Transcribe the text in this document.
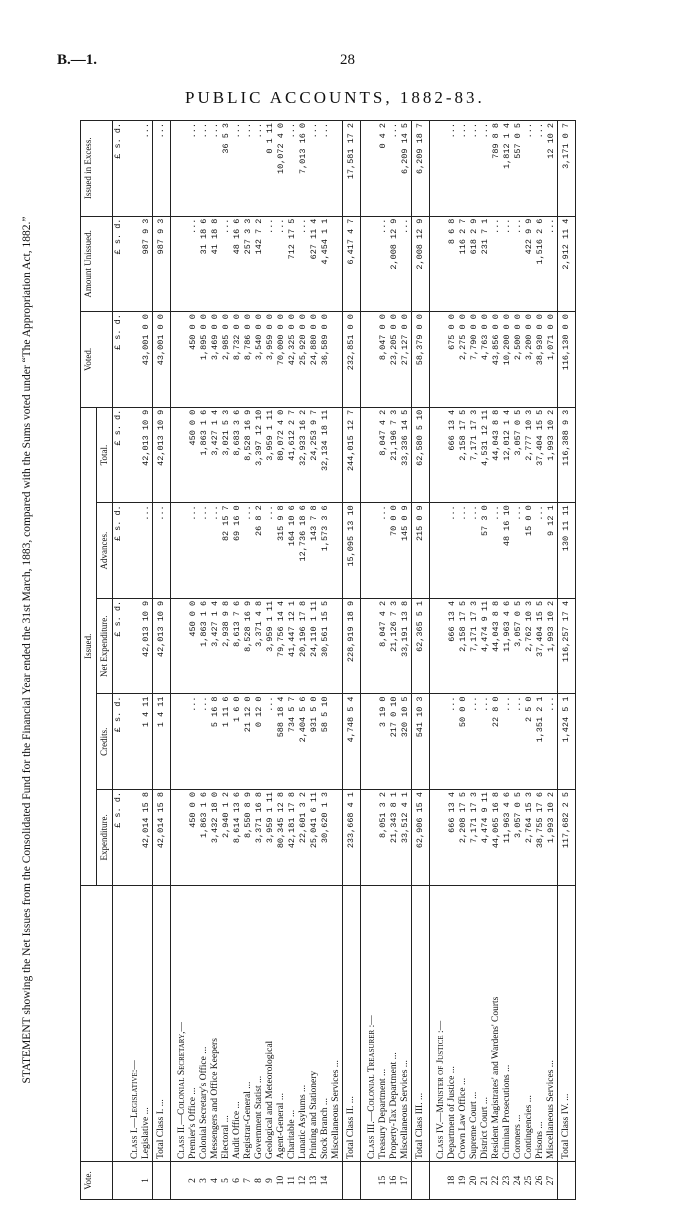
B.—1.	28
PUBLIC ACCOUNTS, 1882-83.
STATEMENT showing the Net Issues from the Consolidated Fund for the Financial Year ended the 31st March, 1883, compared with the Sums voted under “The Appropriation Act, 1882.”
Vote.		Issued.					Voted.	Amount Unissued.	Issued in Excess.
		Expenditure.	Credits.	Net Expenditure.	Advances.	Total.			
		£ s. d.	£ s. d.	£ s. d.	£ s. d.	£ s. d.	£ s. d.	£ s. d.	£ s. d.
	Class I.—Legislative:—								
1	Legislative ...	42,014 15 8	1 4 11	42,013 10 9	...	42,013 10 9	43,001 0 0	987 9 3	...
	Total Class I. ...	42,014 15 8	1 4 11	42,013 10 9	...	42,013 10 9	43,001 0 0	987 9 3	...
	Class II.—Colonial Secretary,—								
2	Premier's Office ...	450 0 0	...	450 0 0	...	450 0 0	450 0 0	...	...
3	Colonial Secretary's Office ...	1,863 1 6	...	1,863 1 6	...	1,863 1 6	1,895 0 0	31 18 6	...
4	Messengers and Office Keepers	3,432 18 0	5 16 8	3,427 1 4	...	3,427 1 4	3,469 0 0	41 18 8	...
5	Electoral ...	2,940 1 2	1 11 6	2,938 9 8	82 15 7	3,021 5 3	2,985 0 0	...	36 5 3
6	Audit Office ...	8,614 13 6	1 6 0	8,613 7 6	69 16 0	8,683 3 6	8,732 0 0	48 16 6	...
7	Registrar-General ...	8,550 8 9	21 12 0	8,528 16 9	...	8,528 16 9	8,786 0 0	257 3 3	...
8	Government Statist ...	3,371 16 8	0 12 0	3,371 4 8	26 8 2	3,397 12 10	3,540 0 0	142 7 2	...
9	Geological and Meteorological	3,959 1 11	...	3,959 1 11	...	3,959 1 11	3,959 0 0	...	0 1 11
10	Agent-General ...	80,345 12 8	588 18 4	79,756 14 4	315 9 8	80,072 4 0	70,000 0 0	...	10,072 4 0
11	Charitable ...	42,181 17 8	734 5 7	41,447 12 1	164 10 6	41,612 2 7	42,325 0 0	712 17 5	...
12	Lunatic Asylums ...	22,601 3 2	2,404 5 6	20,196 17 8	12,736 18 6	32,933 16 2	25,920 0 0	...	7,013 16 0
13	Printing and Stationery	25,041 6 11	931 5 0	24,110 1 11	143 7 8	24,253 9 7	24,880 0 0	627 11 4	...
14	Stock Branch ...	30,620 1 3	58 5 10	30,561 15 5	1,573 3 6	32,134 18 11	36,589 0 0	4,454 1 1	...
	Miscellaneous Services ...								
	Total Class II. ...	233,668 4 1	4,748 5 4	228,919 18 9	15,095 13 10	244,015 12 7	232,851 0 0	6,417 4 7	17,581 17 2
	Class III.—Colonial Treasurer :—								
15	Treasury Department ...	8,051 3 2	3 19 0	8,047 4 2	...	8,047 4 2	8,047 0 0	...	0 4 2
16	Property-Tax Department ...	21,343 8 1	217 0 10	21,126 7 3	70 0 0	21,196 7 3	23,205 0 0	2,008 12 9	...
17	Miscellaneous Services ...	33,512 4 1	320 10 5	33,191 13 8	145 0 9	33,336 14 5	27,127 0 0	...	6,209 14 5
	Total Class III. ...	62,906 15 4	541 10 3	62,365 5 1	215 0 9	62,580 5 10	58,379 0 0	2,008 12 9	6,209 18 7
	Class IV.—Minister of Justice :—								
18	Department of Justice ...	666 13 4	...	666 13 4	...	666 13 4	675 0 0	8 6 8	...
19	Crown Law Office ...	2,208 17 5	50 0 0	2,158 17 5	...	2,158 17 5	2,275 0 0	116 2 7	...
20	Supreme Court ...	7,171 17 3	...	7,171 17 3	...	7,171 17 3	7,790 0 0	618 2 9	...
21	District Court ...	4,474 9 11	...	4,474 9 11	57 3 0	4,531 12 11	4,763 0 0	231 7 1	...
22	Resident Magistrates' and Wardens' Courts	44,065 16 8	22 8 0	44,043 8 8	...	44,043 8 8	43,856 0 0	...	789 8 8
23	Criminal Prosecutions ...	11,963 4 6	...	11,963 4 6	48 16 10	12,012 1 4	10,200 0 0	...	1,812 1 4
24	Coroners ...	3,057 0 5	...	3,057 0 5	...	3,057 0 5	2,500 0 0	...	557 0 5
25	Contingencies ...	2,764 15 3	2 5 0	2,762 10 3	15 0 0	2,777 10 3	3,200 0 0	422 9 9	...
26	Prisons ...	38,755 17 6	1,351 2 1	37,404 15 5	...	37,404 15 5	38,930 0 0	1,516 2 6	...
27	Miscellaneous Services ...	1,993 10 2	...	1,993 10 2	9 12 1	1,993 10 2	1,071 0 0	...	12 10 2
	Total Class IV. ...	117,682 2 5	1,424 5 1	116,257 17 4	130 11 11	116,388 9 3	116,130 0 0	2,912 11 4	3,171 0 7
